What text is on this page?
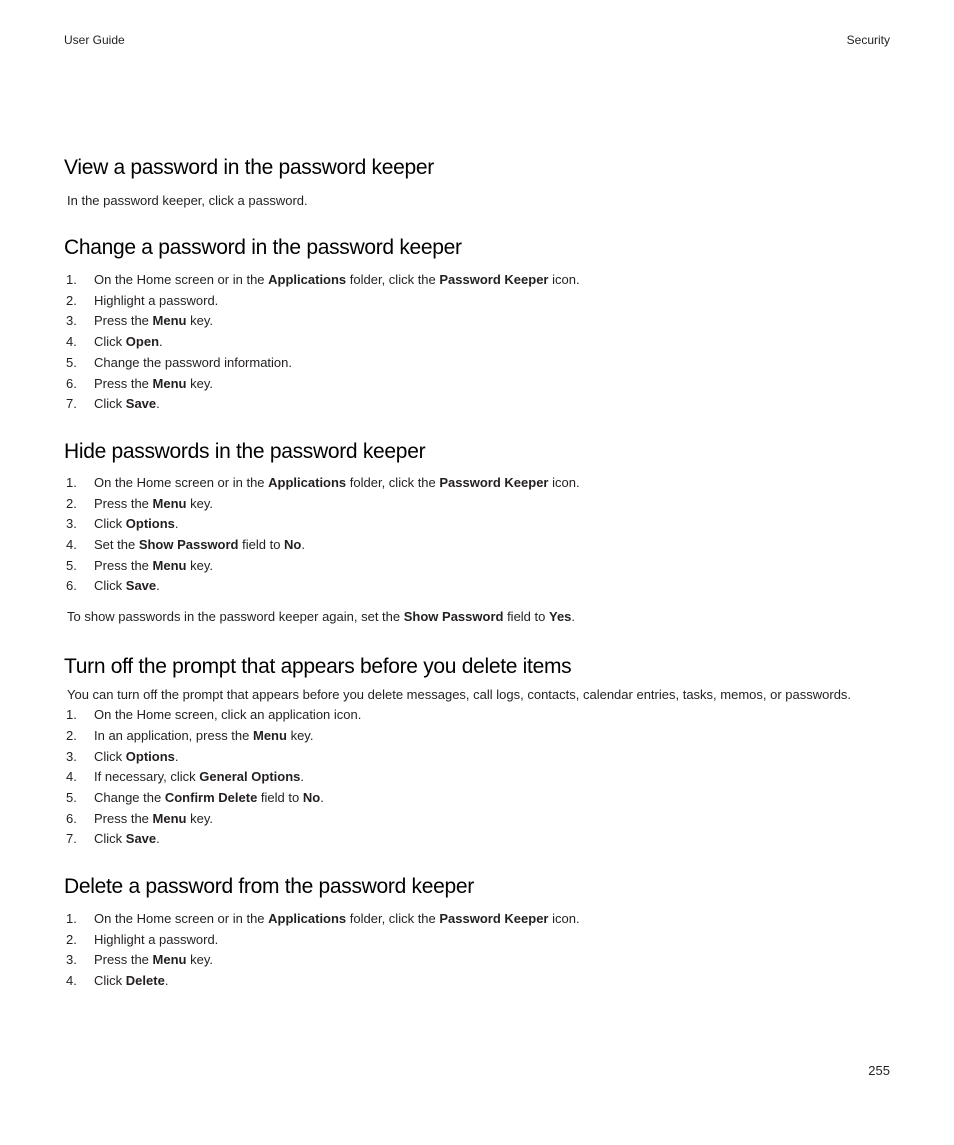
User Guide	Security
View a password in the password keeper

In the password keeper, click a password.

Change a password in the password keeper
1. On the Home screen or in the Applications folder, click the Password Keeper icon.
2. Highlight a password.
3. Press the Menu key.
4. Click Open.
5. Change the password information.
6. Press the Menu key.
7. Click Save.
Hide passwords in the password keeper
1. On the Home screen or in the Applications folder, click the Password Keeper icon.
2. Press the Menu key.
3. Click Options.
4. Set the Show Password field to No.
5. Press the Menu key.
6. Click Save.

To show passwords in the password keeper again, set the Show Password field to Yes.

Turn off the prompt that appears before you delete items

You can turn off the prompt that appears before you delete messages, call logs, contacts, calendar entries, tasks, memos, or passwords.

1. On the Home screen, click an application icon.
2. In an application, press the Menu key.
3. Click Options.
4. If necessary, click General Options.
5. Change the Confirm Delete field to No.
6. Press the Menu key.
7. Click Save.
Delete a password from the password keeper
1. On the Home screen or in the Applications folder, click the Password Keeper icon.
2. Highlight a password.
3. Press the Menu key.
4. Click Delete.
255
